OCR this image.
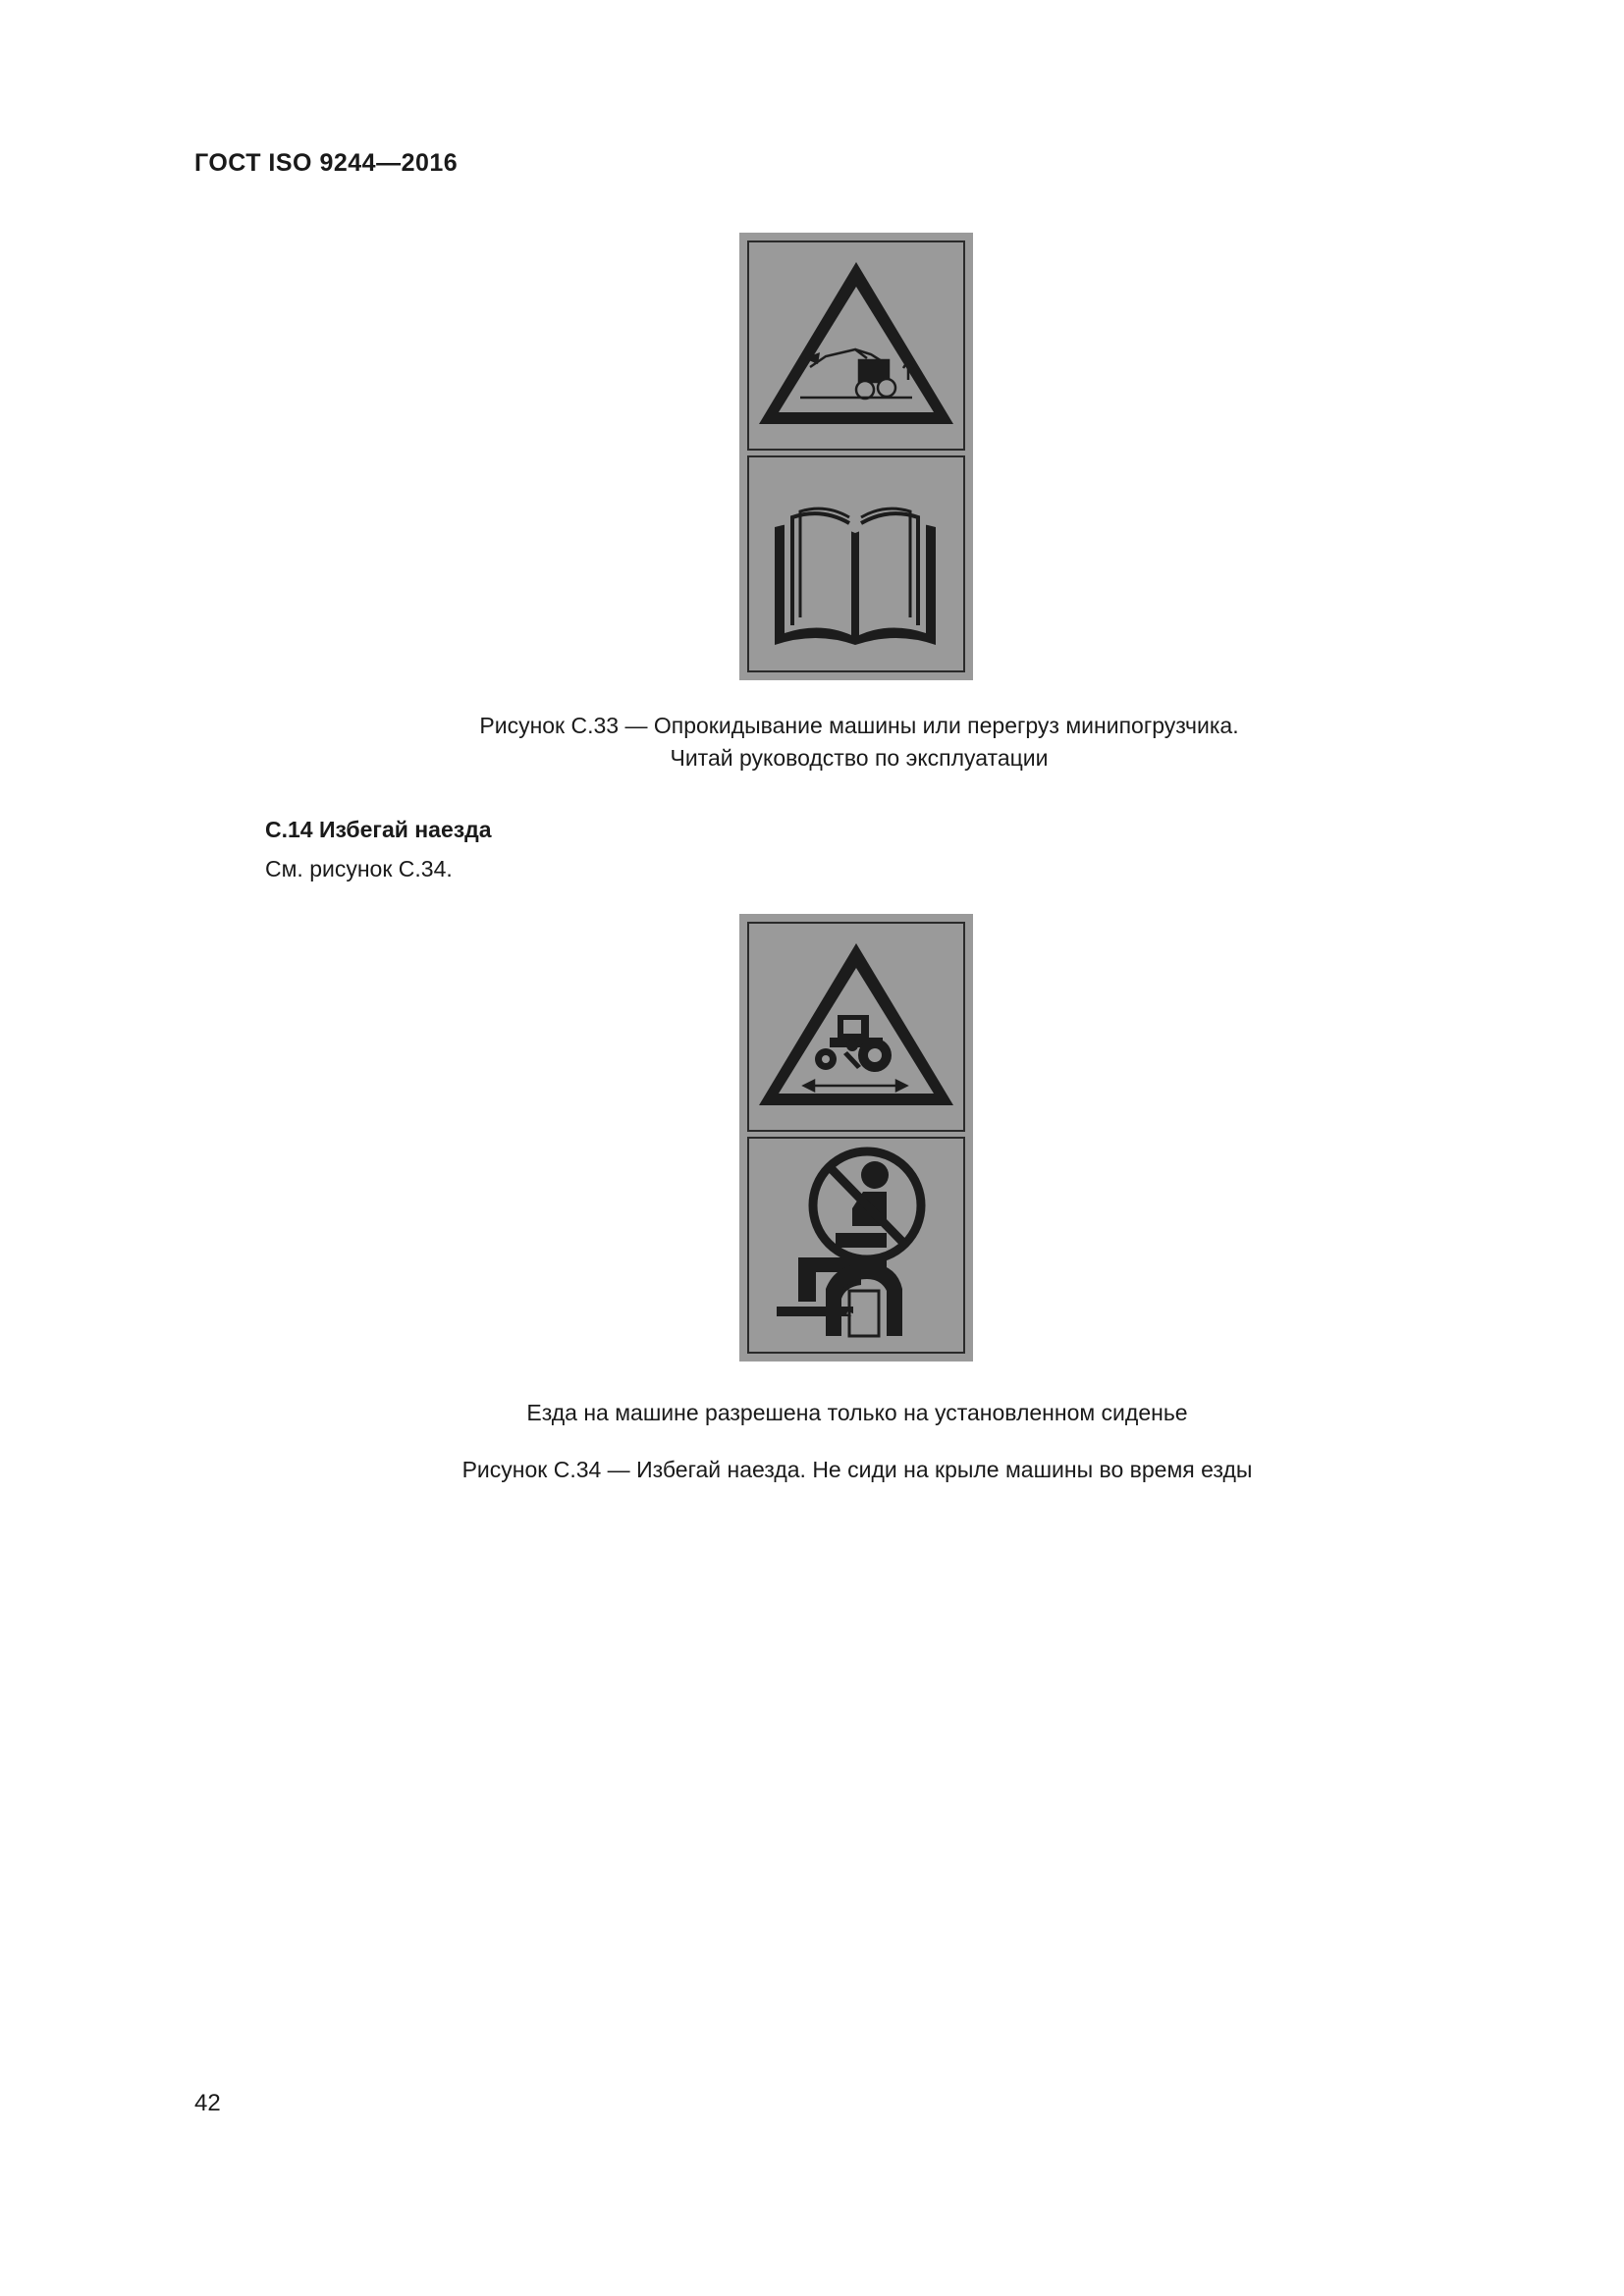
ГОСТ ISO 9244—2016
Рисунок С.33 — Опрокидывание машины или перегруз минипогрузчика.
Читай руководство по эксплуатации
С.14 Избегай наезда
См. рисунок С.34.
Езда на машине разрешена только на установленном сиденье
Рисунок С.34 — Избегай наезда. Не сиди на крыле машины во время езды
42
